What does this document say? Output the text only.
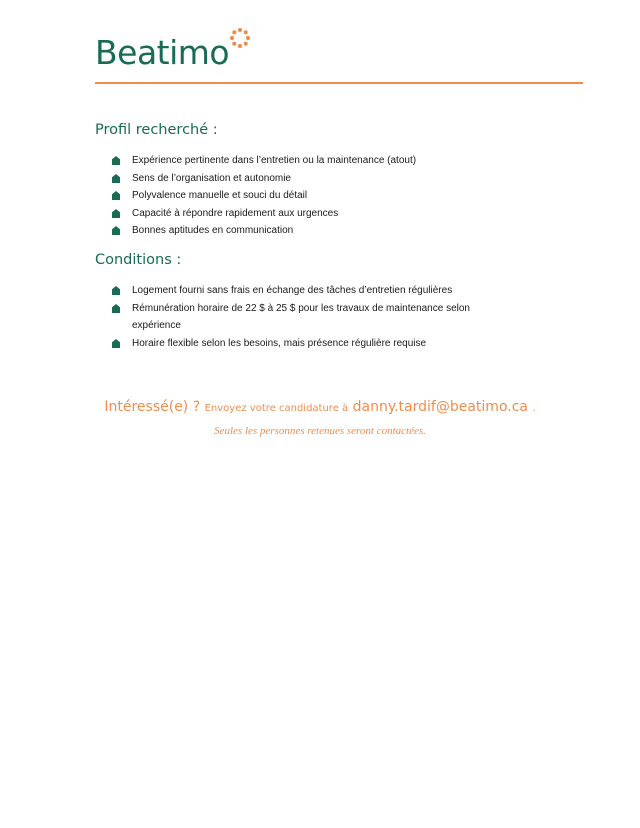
Beatimo
Profil recherché :
Expérience pertinente dans l’entretien ou la maintenance (atout)
Sens de l’organisation et autonomie
Polyvalence manuelle et souci du détail
Capacité à répondre rapidement aux urgences
Bonnes aptitudes en communication
Conditions :
Logement fourni sans frais en échange des tâches d’entretien régulières
Rémunération horaire de 22 $ à 25 $ pour les travaux de maintenance selon expérience
Horaire flexible selon les besoins, mais présence régulière requise
Intéressé(e) ? Envoyez votre candidature à danny.tardif@beatimo.ca .
Seules les personnes retenues seront contactées.
